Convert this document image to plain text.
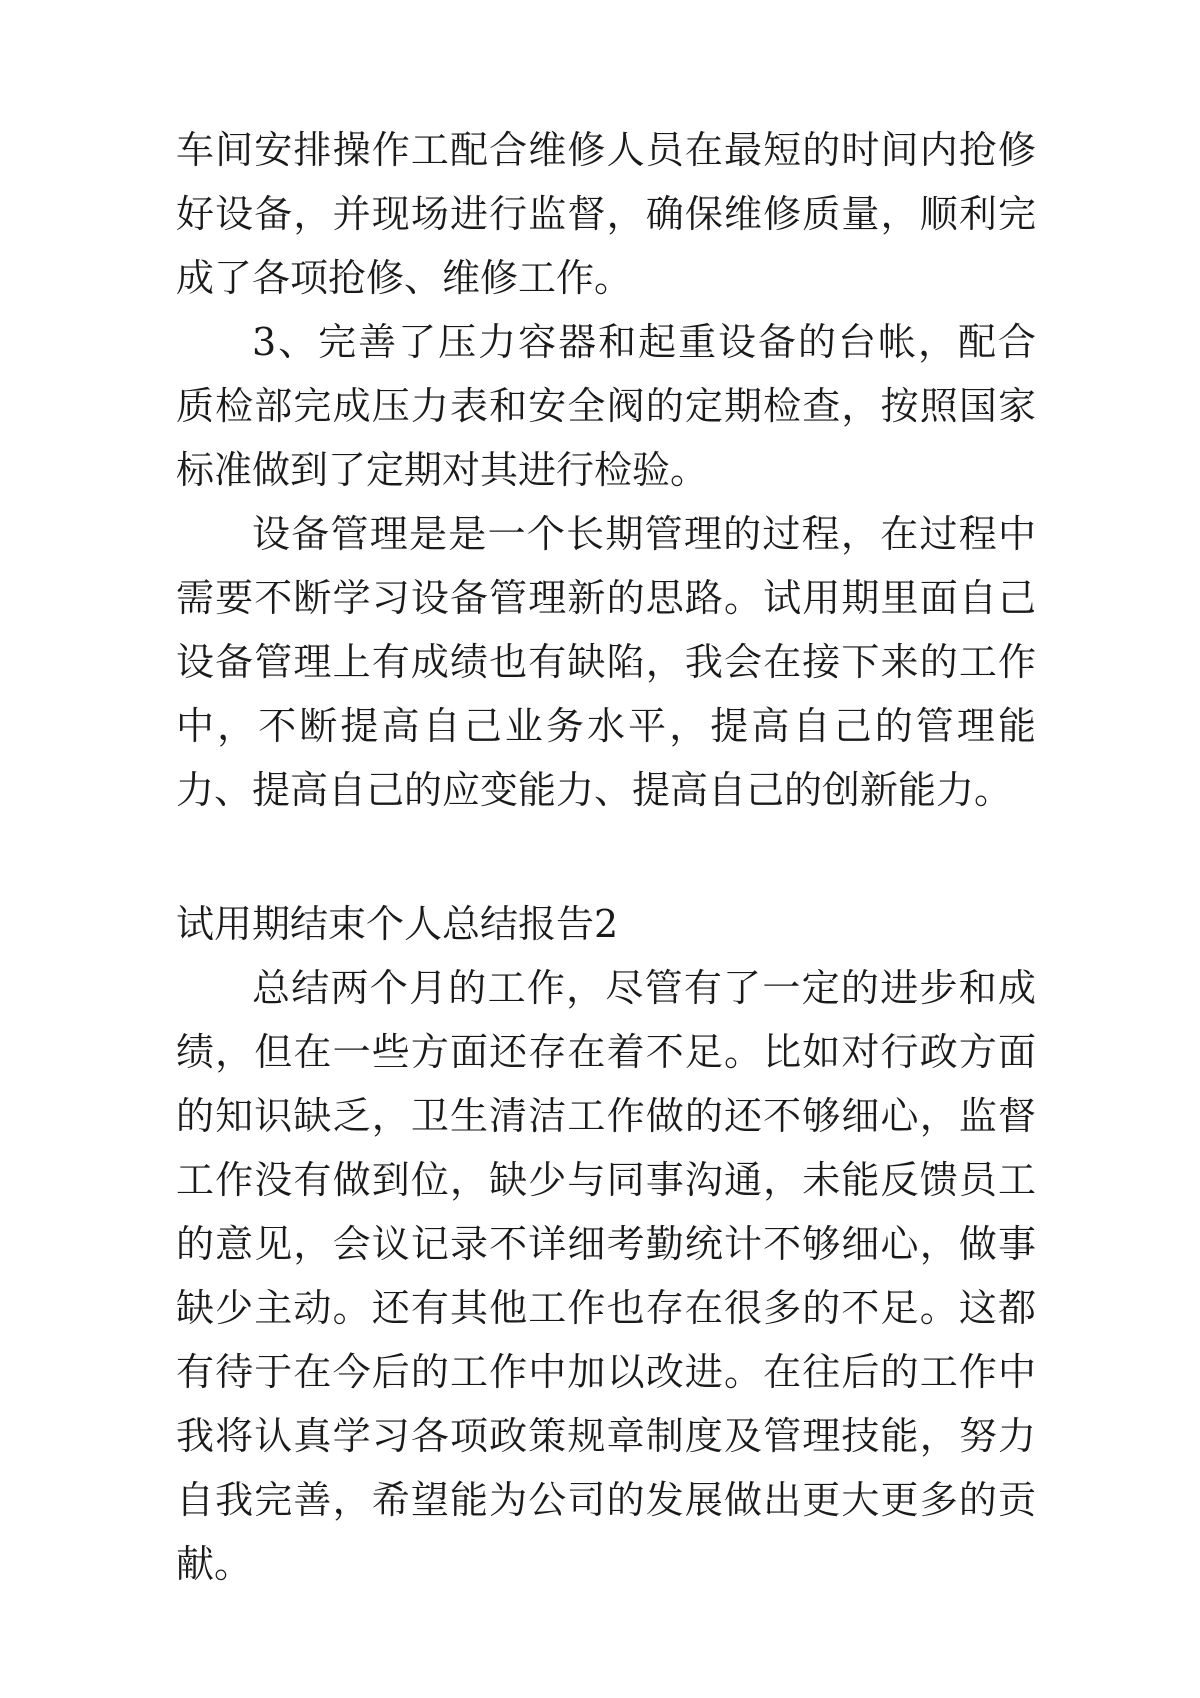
车间安排操作工配合维修人员在最短的时间内抢修好设备，并现场进行监督，确保维修质量，顺利完成了各项抢修、维修工作。

3、完善了压力容器和起重设备的台帐，配合质检部完成压力表和安全阀的定期检查，按照国家标准做到了定期对其进行检验。

设备管理是是一个长期管理的过程，在过程中需要不断学习设备管理新的思路。试用期里面自己设备管理上有成绩也有缺陷，我会在接下来的工作中，不断提高自己业务水平，提高自己的管理能力、提高自己的应变能力、提高自己的创新能力。

试用期结束个人总结报告2

总结两个月的工作，尽管有了一定的进步和成绩，但在一些方面还存在着不足。比如对行政方面的知识缺乏，卫生清洁工作做的还不够细心，监督工作没有做到位，缺少与同事沟通，未能反馈员工的意见，会议记录不详细考勤统计不够细心，做事缺少主动。还有其他工作也存在很多的不足。这都有待于在今后的工作中加以改进。在往后的工作中我将认真学习各项政策规章制度及管理技能，努力自我完善，希望能为公司的发展做出更大更多的贡献。
